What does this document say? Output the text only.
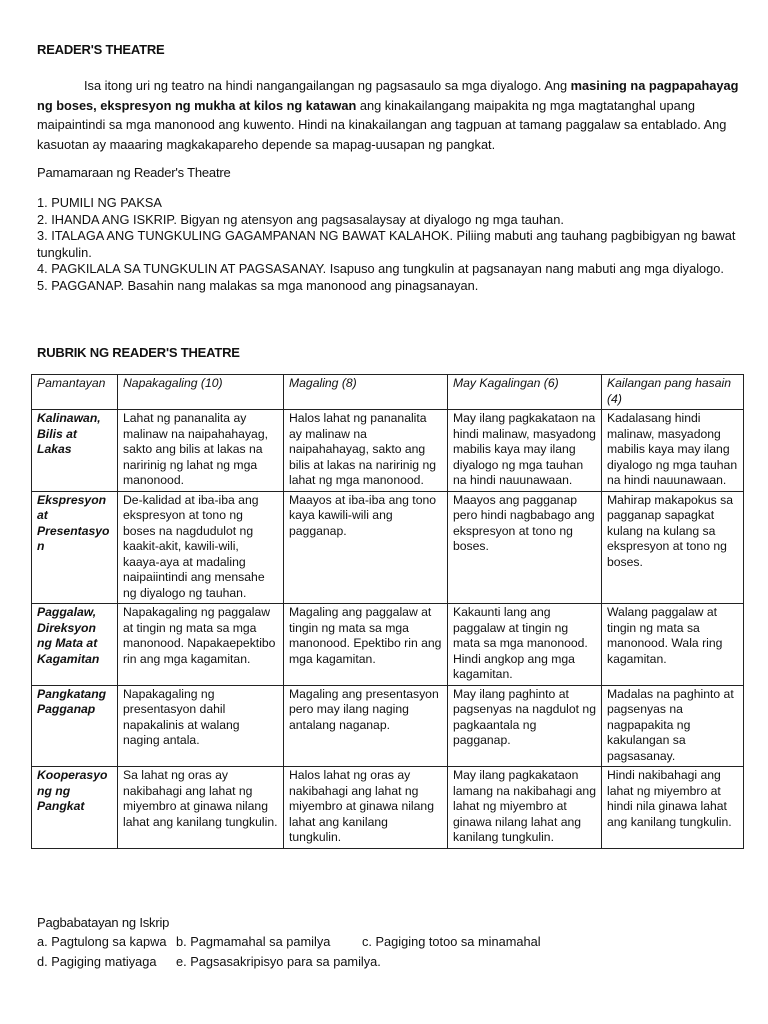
READER'S THEATRE
Isa itong uri ng teatro na hindi nangangailangan ng pagsasaulo sa mga diyalogo. Ang masining na pagpapahayag ng boses, ekspresyon ng mukha at kilos ng katawan ang kinakailangang maipakita ng mga magtatanghal upang maipaintindi sa mga manonood ang kuwento. Hindi na kinakailangan ang tagpuan at tamang paggalaw sa entablado. Ang kasuotan ay maaaring magkakapareho depende sa mapag-uusapan ng pangkat.
Pamamaraan ng Reader's Theatre
1. PUMILI NG PAKSA
2. IHANDA ANG ISKRIP. Bigyan ng atensyon ang pagsasalaysay at diyalogo ng mga tauhan.
3. ITALAGA ANG TUNGKULING GAGAMPANAN NG BAWAT KALAHOK. Piliing mabuti ang tauhang pagbibigyan ng bawat tungkulin.
4. PAGKILALA SA TUNGKULIN AT PAGSASANAY. Isapuso ang tungkulin at pagsanayan nang mabuti ang mga diyalogo.
5. PAGGANAP. Basahin nang malakas sa mga manonood ang pinagsanayan.
RUBRIK NG READER'S THEATRE
Pamantayan	Napakagaling (10)	Magaling (8)	May Kagalingan (6)	Kailangan pang hasain (4)
Kalinawan, Bilis at Lakas	Lahat ng pananalita ay malinaw na naipahahayag, sakto ang bilis at lakas na naririnig ng lahat ng mga manonood.	Halos lahat ng pananalita ay malinaw na naipahahayag, sakto ang bilis at lakas na naririnig ng lahat ng mga manonood.	May ilang pagkakataon na hindi malinaw, masyadong mabilis kaya may ilang diyalogo ng mga tauhan na hindi nauunawaan.	Kadalasang hindi malinaw, masyadong mabilis kaya may ilang diyalogo ng mga tauhan na hindi nauunawaan.
Ekspresyon at Presentasyo n	De-kalidad at iba-iba ang ekspresyon at tono ng boses na nagdudulot ng kaakit-akit, kawili-wili, kaaya-aya at madaling naipaiintindi ang mensahe ng diyalogo ng tauhan.	Maayos at iba-iba ang tono kaya kawili-wili ang pagganap.	Maayos ang pagganap pero hindi nagbabago ang ekspresyon at tono ng boses.	Mahirap makapokus sa pagganap sapagkat kulang na kulang sa ekspresyon at tono ng boses.
Paggalaw, Direksyon ng Mata at Kagamitan	Napakagaling ng paggalaw at tingin ng mata sa mga manonood. Napakaepektibo rin ang mga kagamitan.	Magaling ang paggalaw at tingin ng mata sa mga manonood. Epektibo rin ang mga kagamitan.	Kakaunti lang ang paggalaw at tingin ng mata sa mga manonood. Hindi angkop ang mga kagamitan.	Walang paggalaw at tingin ng mata sa manonood. Wala ring kagamitan.
Pangkatang Pagganap	Napakagaling ng presentasyon dahil napakalinis at walang naging antala.	Magaling ang presentasyon pero may ilang naging antalang naganap.	May ilang paghinto at pagsenyas na nagdulot ng pagkaantala ng pagganap.	Madalas na paghinto at pagsenyas na nagpapakita ng kakulangan sa pagsasanay.
Kooperasyo ng ng Pangkat	Sa lahat ng oras ay nakibahagi ang lahat ng miyembro at ginawa nilang lahat ang kanilang tungkulin.	Halos lahat ng oras ay nakibahagi ang lahat ng miyembro at ginawa nilang lahat ang kanilang tungkulin.	May ilang pagkakataon lamang na nakibahagi ang lahat ng miyembro at ginawa nilang lahat ang kanilang tungkulin.	Hindi nakibahagi ang lahat ng miyembro at hindi nila ginawa lahat ang kanilang tungkulin.
Pagbabatayan ng Iskrip
a. Pagtulong sa kapwa b. Pagmamahal sa pamilya c. Pagiging totoo sa minamahal
d. Pagiging matiyaga e. Pagsasakripisyo para sa pamilya.
